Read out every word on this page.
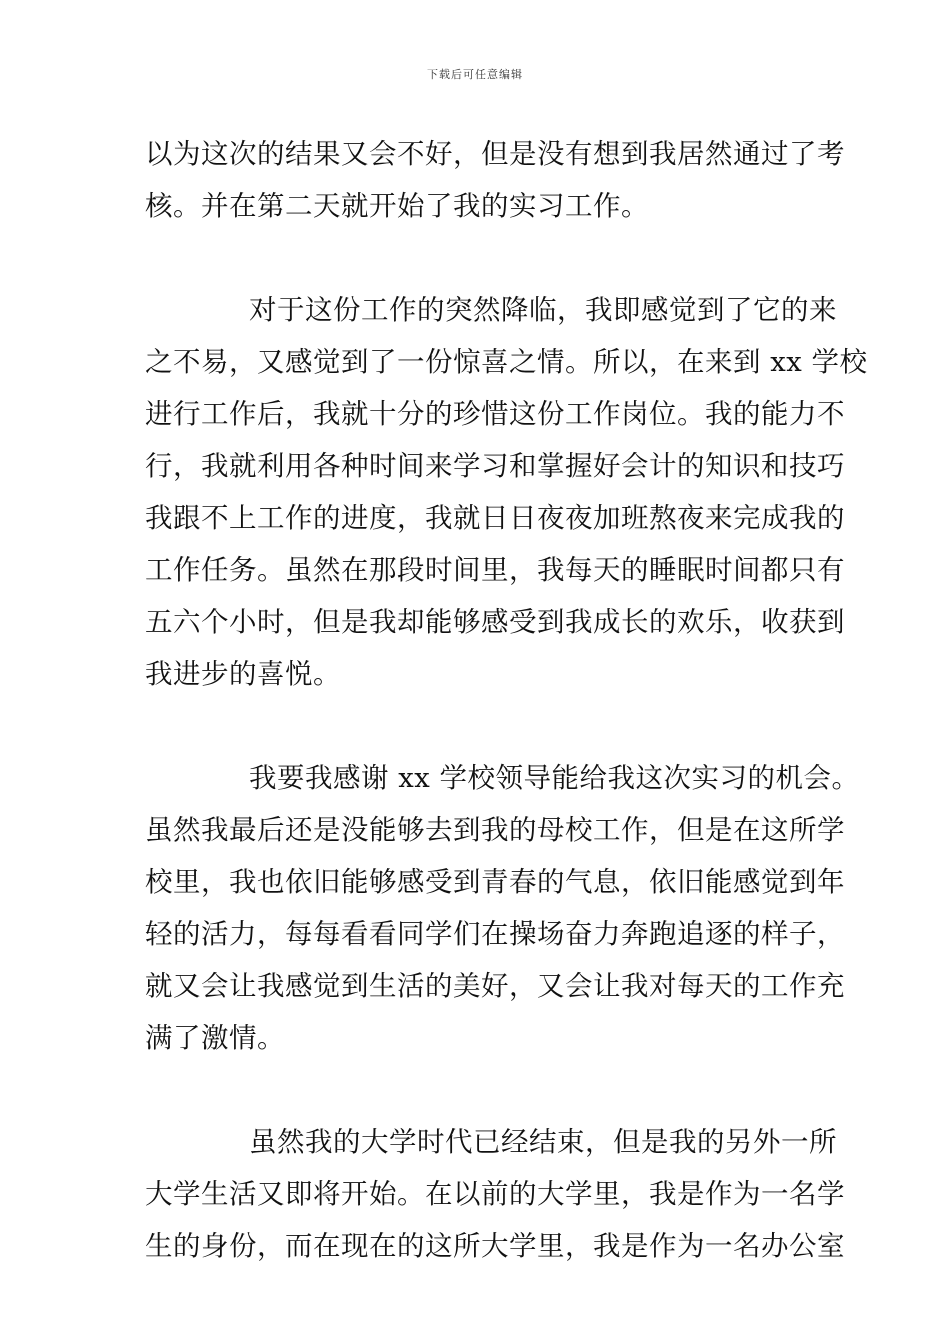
下载后可任意编辑
以为这次的结果又会不好，但是没有想到我居然通过了考
核。并在第二天就开始了我的实习工作。
对于这份工作的突然降临，我即感觉到了它的来
之不易，又感觉到了一份惊喜之情。所以，在来到 xx 学校
进行工作后，我就十分的珍惜这份工作岗位。我的能力不
行，我就利用各种时间来学习和掌握好会计的知识和技巧
我跟不上工作的进度，我就日日夜夜加班熬夜来完成我的
工作任务。虽然在那段时间里，我每天的睡眠时间都只有
五六个小时，但是我却能够感受到我成长的欢乐，收获到
我进步的喜悦。
我要我感谢 xx 学校领导能给我这次实习的机会。
虽然我最后还是没能够去到我的母校工作，但是在这所学
校里，我也依旧能够感受到青春的气息，依旧能感觉到年
轻的活力，每每看看同学们在操场奋力奔跑追逐的样子，
就又会让我感觉到生活的美好，又会让我对每天的工作充
满了激情。
虽然我的大学时代已经结束，但是我的另外一所
大学生活又即将开始。在以前的大学里，我是作为一名学
生的身份，而在现在的这所大学里，我是作为一名办公室
